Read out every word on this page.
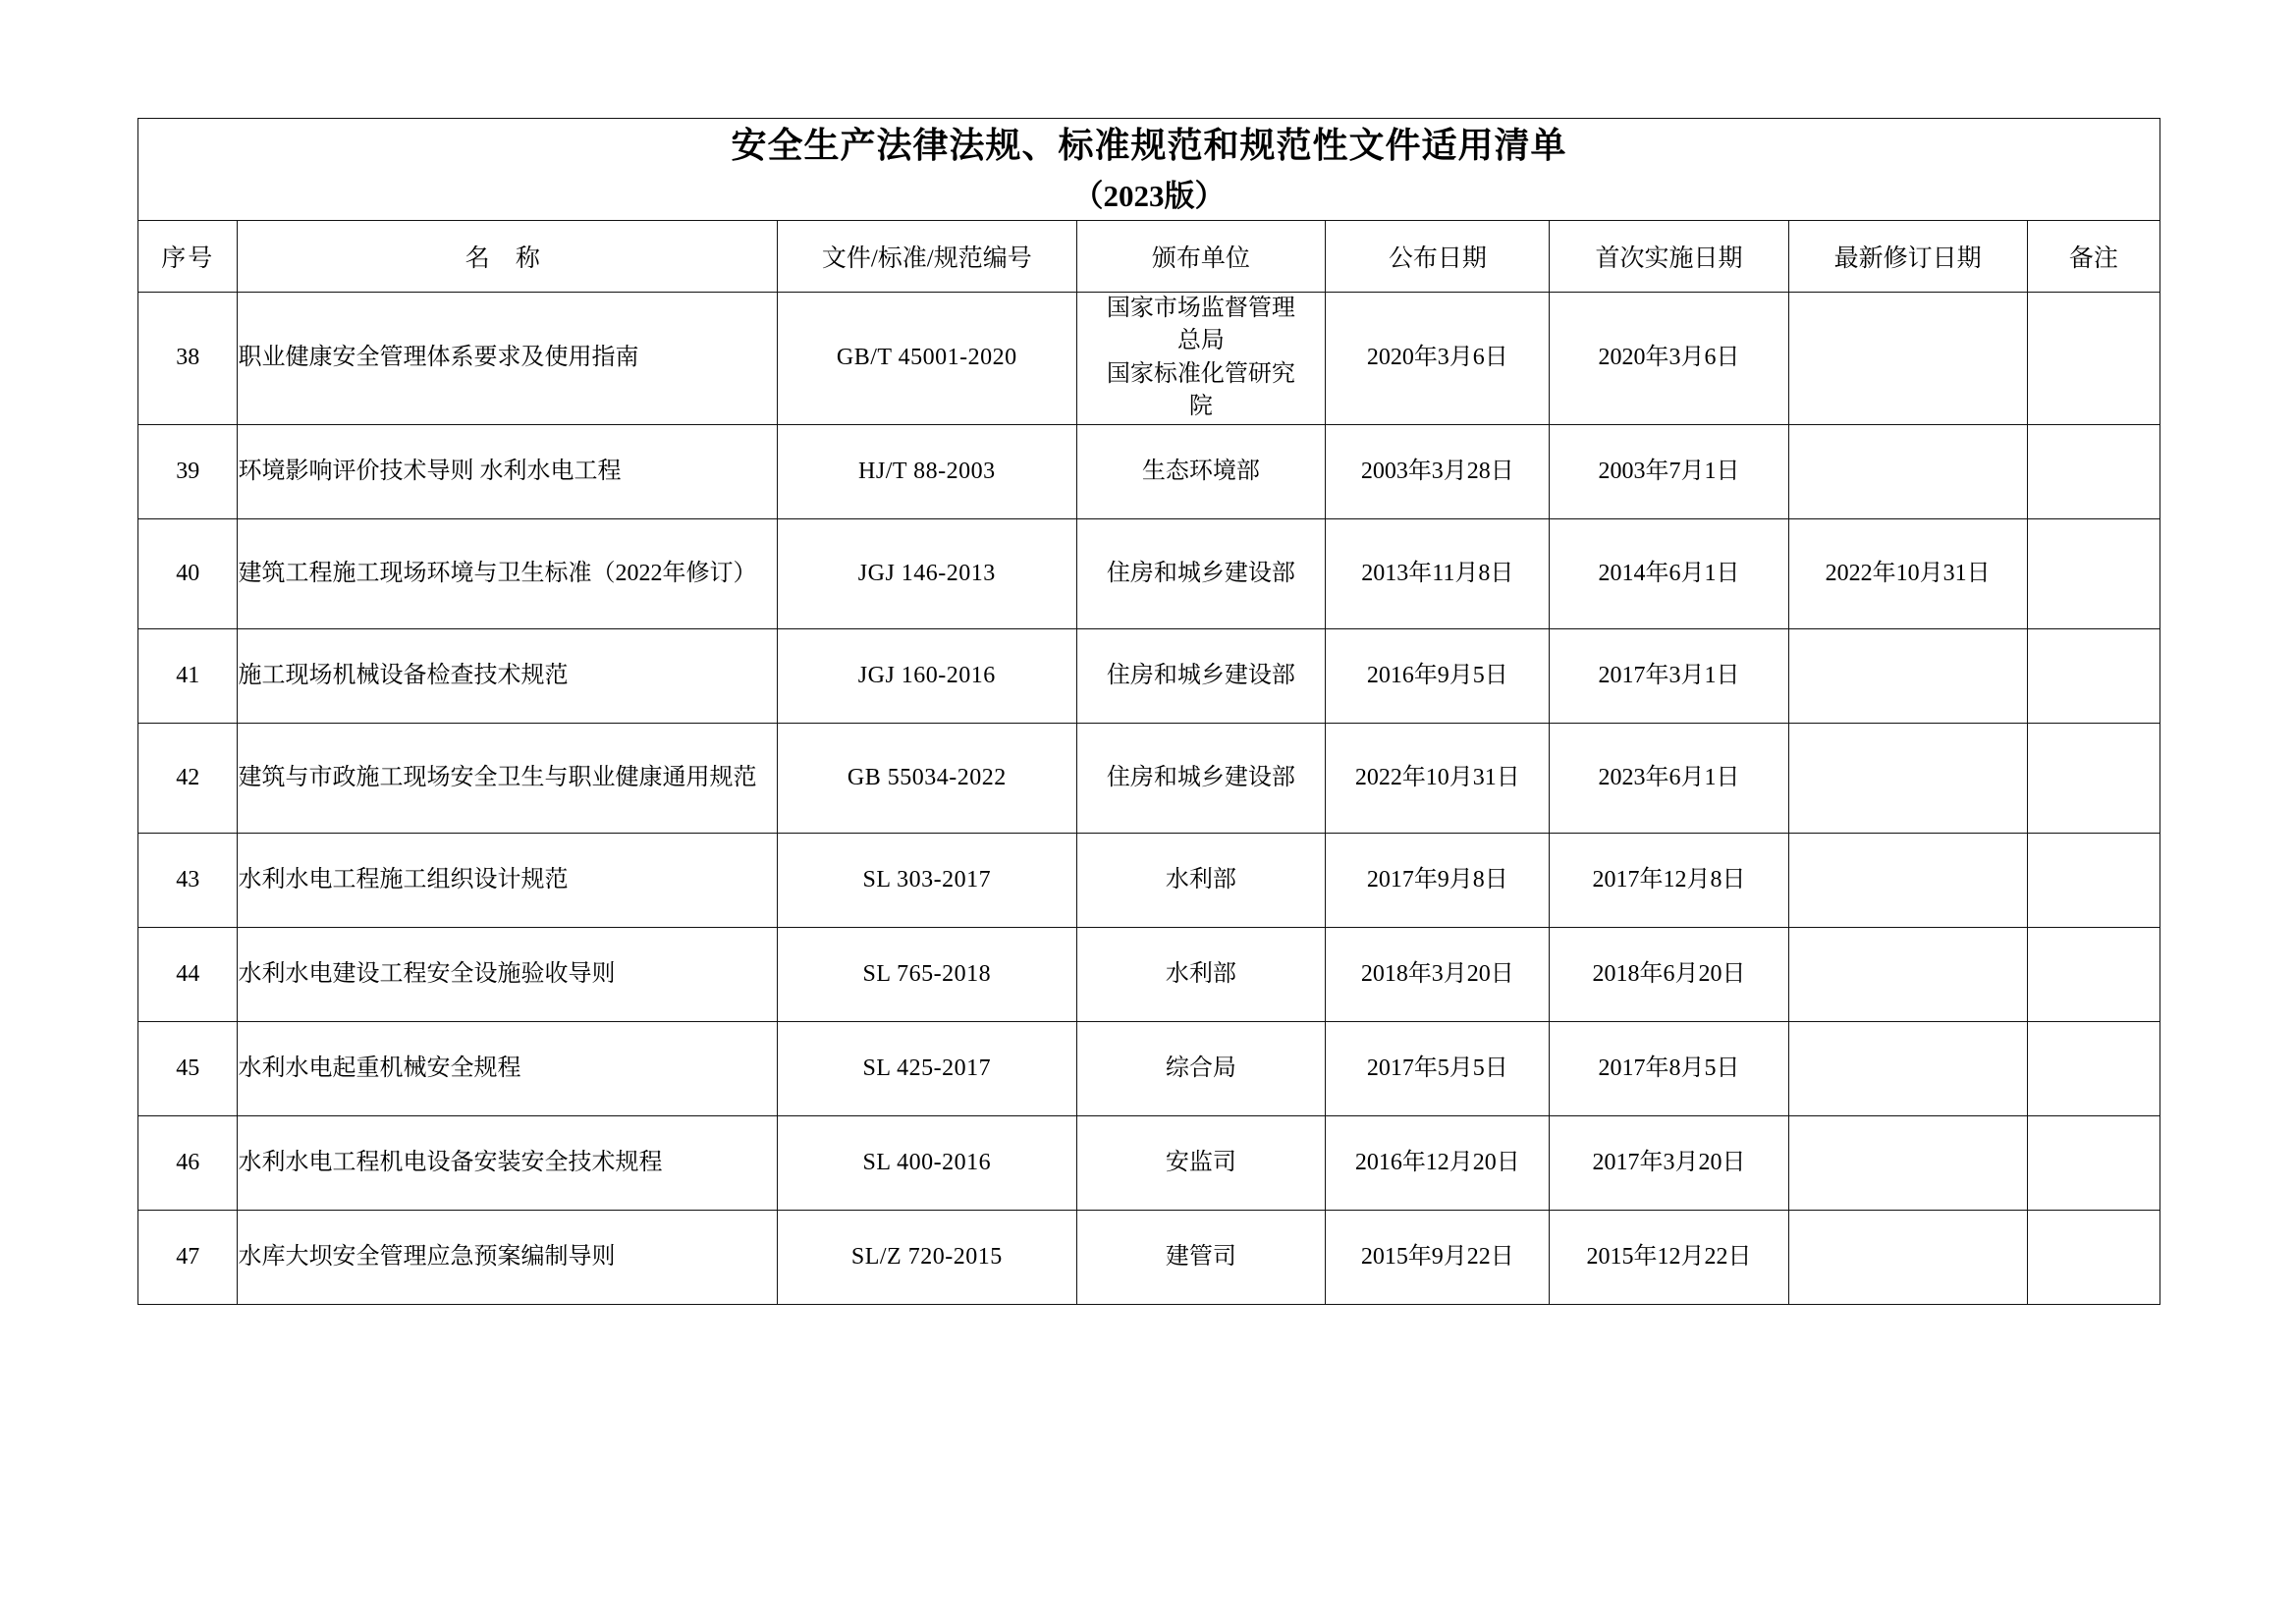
安全生产法律法规、标准规范和规范性文件适用清单
（2023版）							

序号	名 称	文件/标准/规范编号	颁布单位	公布日期	首次实施日期	最新修订日期	备注
38	职业健康安全管理体系要求及使用指南	GB/T 45001-2020	国家市场监督管理
总局
国家标准化管研究
院	2020年3月6日	2020年3月6日		
39	环境影响评价技术导则 水利水电工程	HJ/T 88-2003	生态环境部	2003年3月28日	2003年7月1日		
40	建筑工程施工现场环境与卫生标准（2022年修订）	JGJ 146-2013	住房和城乡建设部	2013年11月8日	2014年6月1日	2022年10月31日	
41	施工现场机械设备检查技术规范	JGJ 160-2016	住房和城乡建设部	2016年9月5日	2017年3月1日		
42	建筑与市政施工现场安全卫生与职业健康通用规范	GB 55034-2022	住房和城乡建设部	2022年10月31日	2023年6月1日		
43	水利水电工程施工组织设计规范	SL 303-2017	水利部	2017年9月8日	2017年12月8日		
44	水利水电建设工程安全设施验收导则	SL 765-2018	水利部	2018年3月20日	2018年6月20日		
45	水利水电起重机械安全规程	SL 425-2017	综合局	2017年5月5日	2017年8月5日		
46	水利水电工程机电设备安装安全技术规程	SL 400-2016	安监司	2016年12月20日	2017年3月20日		
47	水库大坝安全管理应急预案编制导则	SL/Z 720-2015	建管司	2015年9月22日	2015年12月22日		
